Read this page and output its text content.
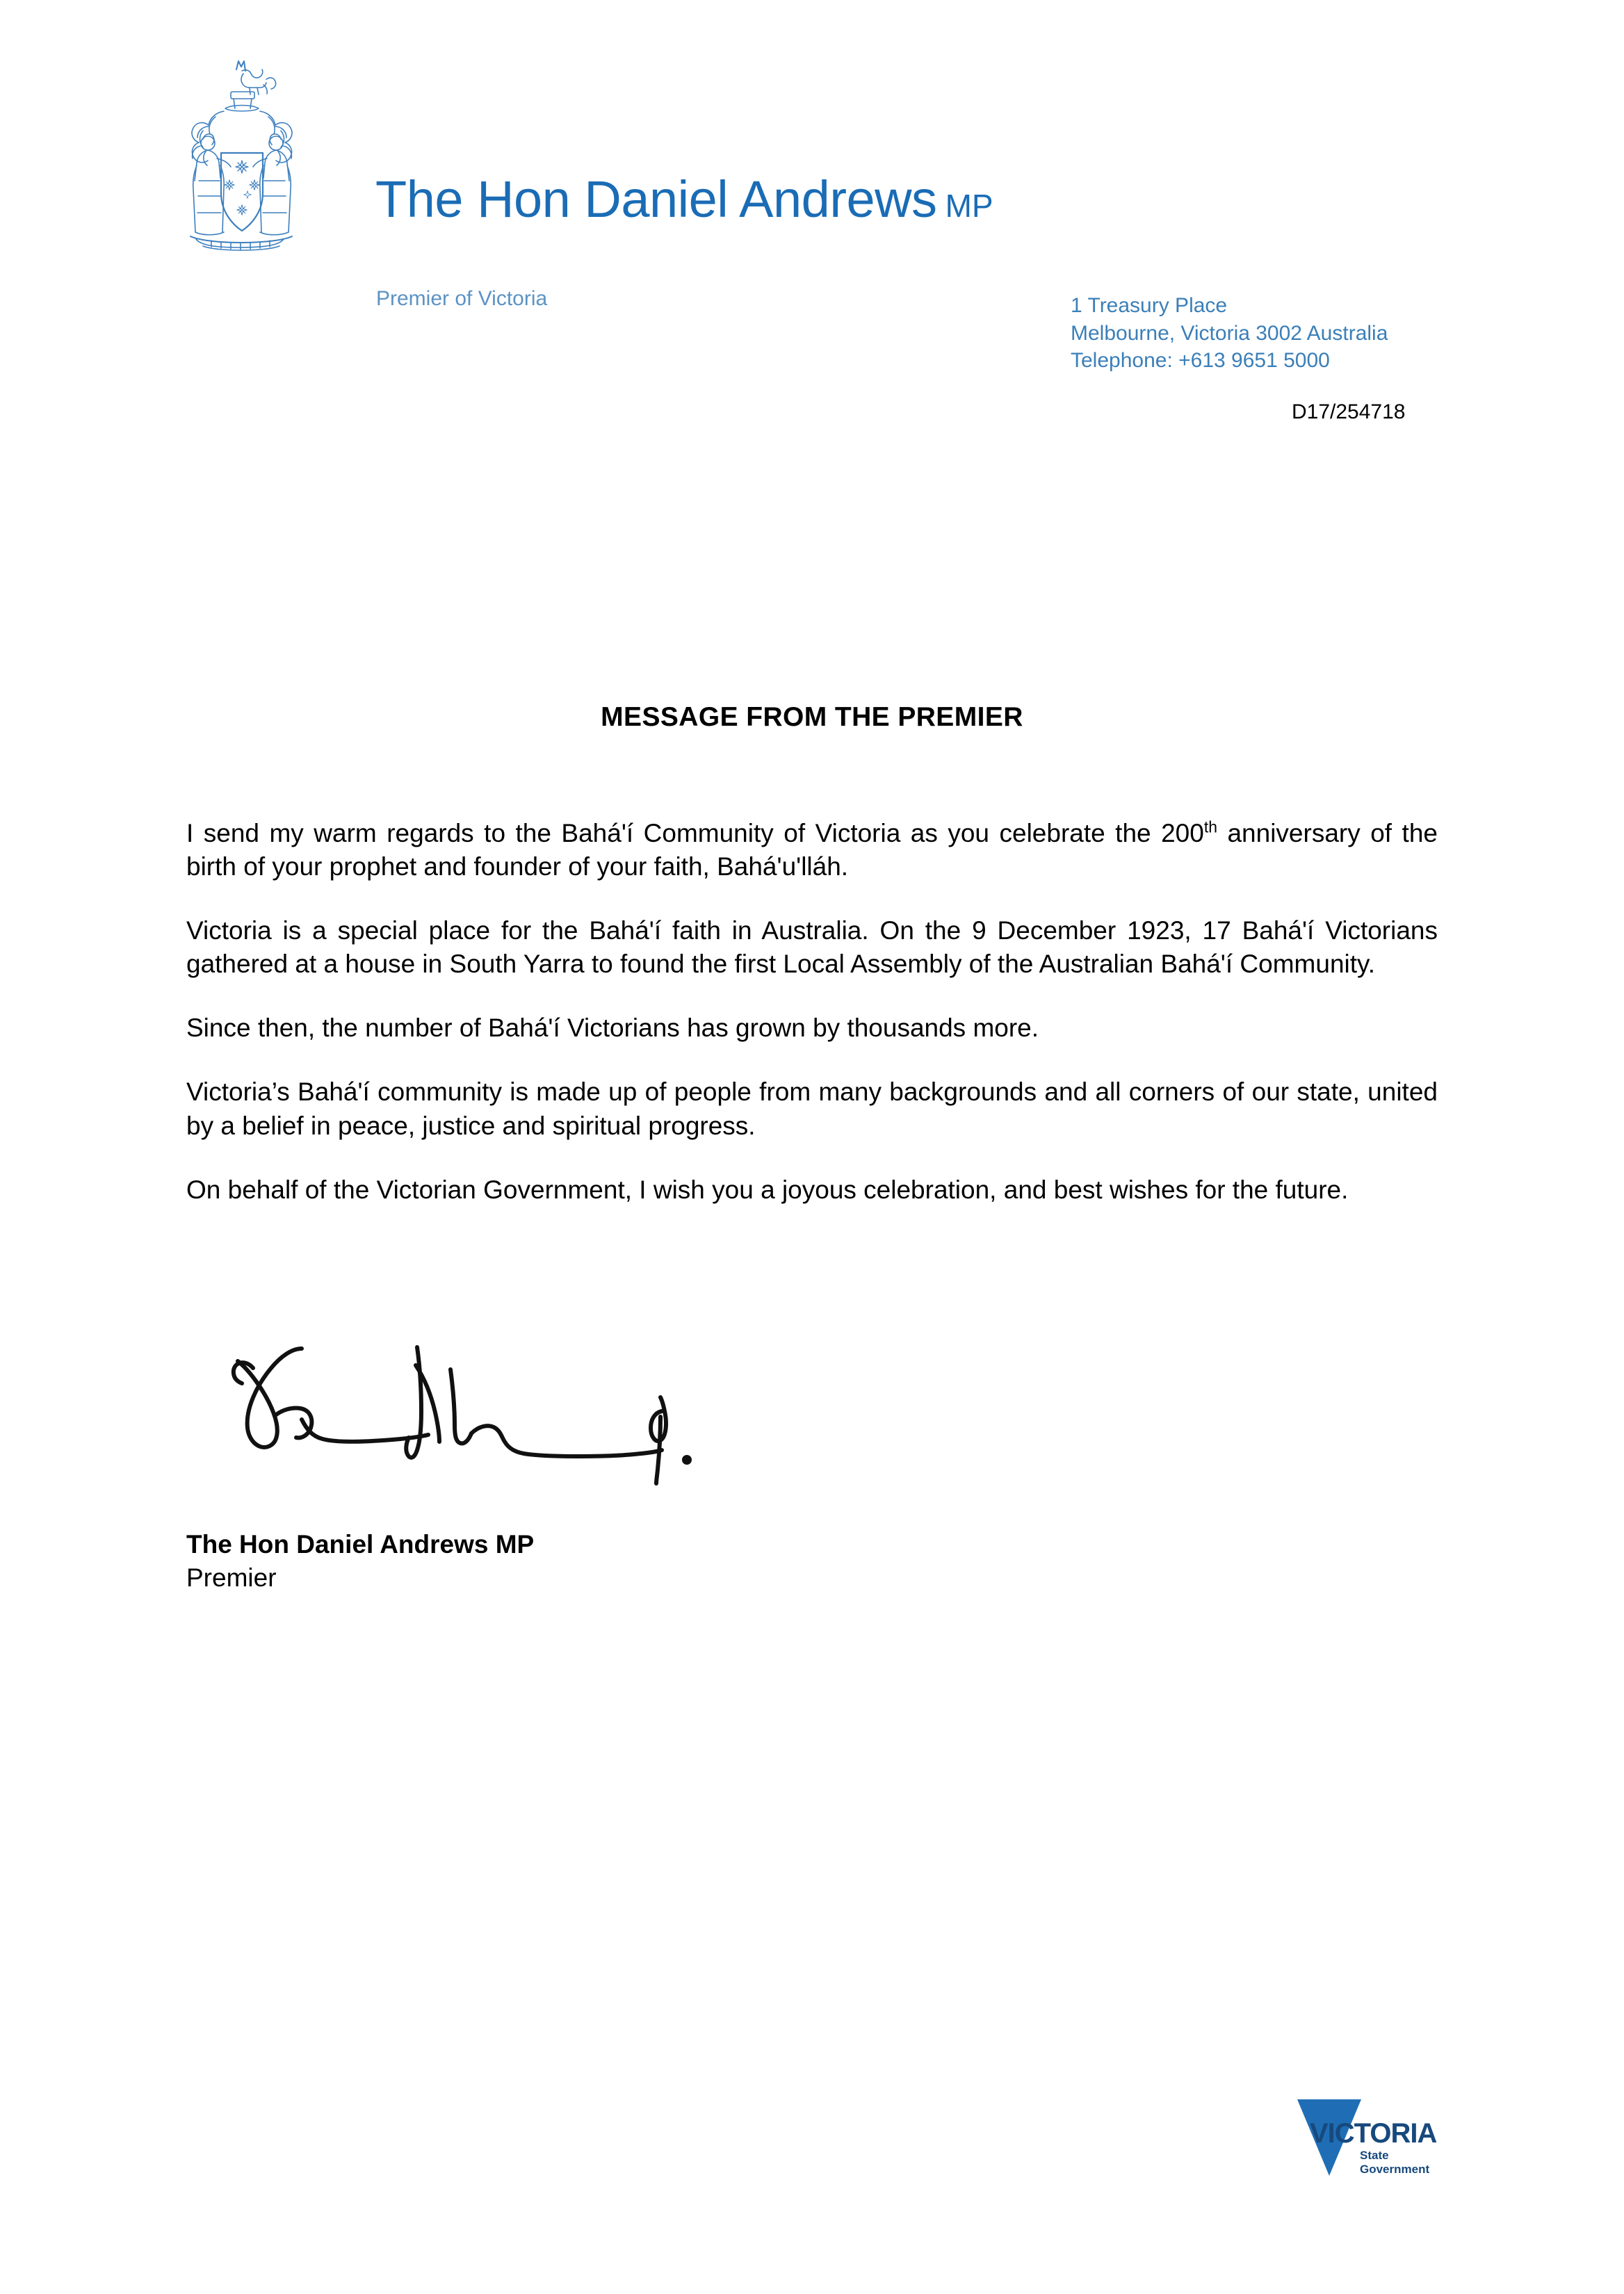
The Hon Daniel Andrews MP
Premier of Victoria	1 Treasury Place
Melbourne, Victoria 3002 Australia
Telephone: +613 9651 5000
D17/254718
MESSAGE FROM THE PREMIER

I send my warm regards to the Bahá'í Community of Victoria as you celebrate the 200th anniversary of the birth of your prophet and founder of your faith, Bahá'u'lláh.

Victoria is a special place for the Bahá'í faith in Australia. On the 9 December 1923, 17 Bahá'í Victorians gathered at a house in South Yarra to found the first Local Assembly of the Australian Bahá'í Community.

Since then, the number of Bahá'í Victorians has grown by thousands more.

Victoria’s Bahá'í community is made up of people from many backgrounds and all corners of our state, united by a belief in peace, justice and spiritual progress.

On behalf of the Victorian Government, I wish you a joyous celebration, and best wishes for the future.

The Hon Daniel Andrews MP
Premier
VICTORIA
State
Government
